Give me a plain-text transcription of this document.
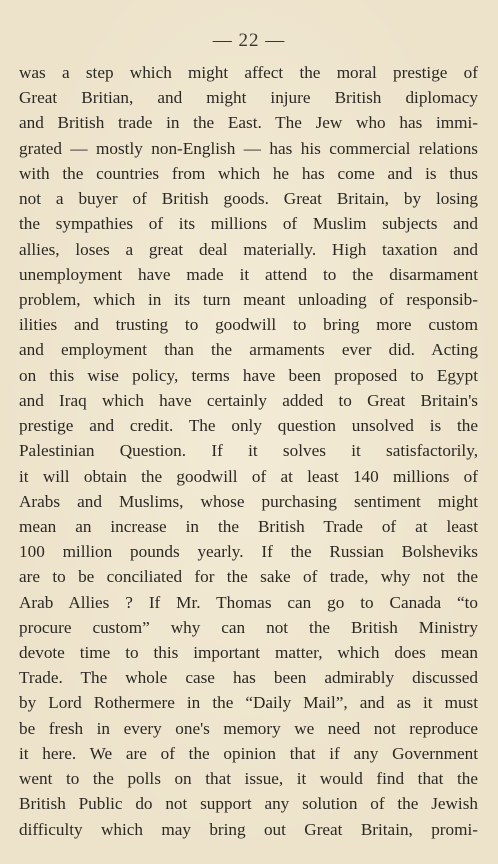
— 22 —
was a step which might affect the moral prestige of
Great Britian, and might injure British diplomacy
and British trade in the East. The Jew who has immi-
grated — mostly non-English — has his commercial relations
with the countries from which he has come and is thus
not a buyer of British goods. Great Britain, by losing
the sympathies of its millions of Muslim subjects and
allies, loses a great deal materially. High taxation and
unemployment have made it attend to the disarmament
problem, which in its turn meant unloading of responsib-
ilities and trusting to goodwill to bring more custom
and employment than the armaments ever did. Acting
on this wise policy, terms have been proposed to Egypt
and Iraq which have certainly added to Great Britain's
prestige and credit. The only question unsolved is the
Palestinian Question. If it solves it satisfactorily,
it will obtain the goodwill of at least 140 millions of
Arabs and Muslims, whose purchasing sentiment might
mean an increase in the British Trade of at least
100 million pounds yearly. If the Russian Bolsheviks
are to be conciliated for the sake of trade, why not the
Arab Allies ? If Mr. Thomas can go to Canada “to
procure custom” why can not the British Ministry
devote time to this important matter, which does mean
Trade. The whole case has been admirably discussed
by Lord Rothermere in the “Daily Mail”, and as it must
be fresh in every one's memory we need not reproduce
it here. We are of the opinion that if any Government
went to the polls on that issue, it would find that the
British Public do not support any solution of the Jewish
difficulty which may bring out Great Britain, promi-
